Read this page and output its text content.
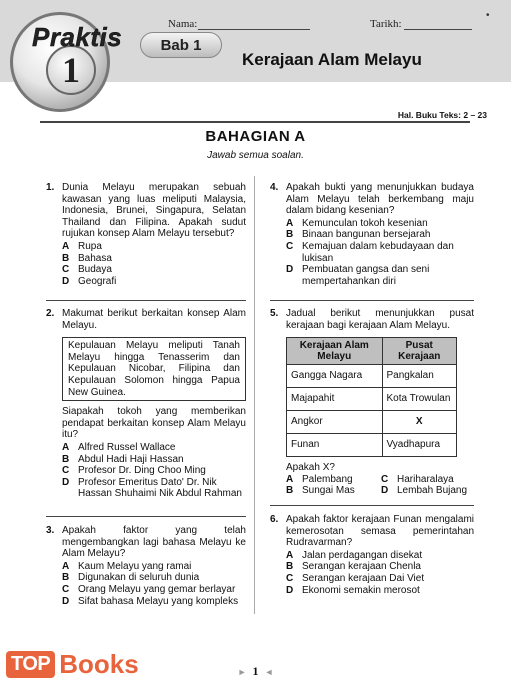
1
Praktis	Bab 1
Kerajaan Alam Melayu
Nama:	Tarikh:
•
Hal. Buku Teks: 2 – 23
BAHAGIAN A
Jawab semua soalan.
1. Dunia Melayu merupakan sebuah kawasan yang luas meliputi Malaysia, Indonesia, Brunei, Singapura, Selatan Thailand dan Filipina. Apakah sudut rujukan konsep Alam Melayu tersebut?
A Rupa
B Bahasa
C Budaya
D Geografi
2. Makumat berikut berkaitan konsep Alam Melayu.
Kepulauan Melayu meliputi Tanah Melayu hingga Tenasserim dan Kepulauan Nicobar, Filipina dan Kepulauan Solomon hingga Papua New Guinea.
Siapakah tokoh yang memberikan pendapat berkaitan konsep Alam Melayu itu?
A Alfred Russel Wallace
B Abdul Hadi Haji Hassan
C Profesor Dr. Ding Choo Ming
D Profesor Emeritus Dato' Dr. Nik Hassan Shuhaimi Nik Abdul Rahman
3. Apakah faktor yang telah mengembangkan lagi bahasa Melayu ke Alam Melayu?
A Kaum Melayu yang ramai
B Digunakan di seluruh dunia
C Orang Melayu yang gemar berlayar
D Sifat bahasa Melayu yang kompleks
4. Apakah bukti yang menunjukkan budaya Alam Melayu telah berkembang maju dalam bidang kesenian?
A Kemunculan tokoh kesenian
B Binaan bangunan bersejarah
C Kemajuan dalam kebudayaan dan lukisan
D Pembuatan gangsa dan seni mempertahankan diri
5. Jadual berikut menunjukkan pusat kerajaan bagi kerajaan Alam Melayu.
Kerajaan Alam Melayu	Pusat Kerajaan
Gangga Nagara	Pangkalan
Majapahit	Kota Trowulan
Angkor	X
Funan	Vyadhapura
Apakah X?
A Palembang	C Hariharalaya
B Sungai Mas	D Lembah Bujang
6. Apakah faktor kerajaan Funan mengalami kemerosotan semasa pemerintahan Rudravarman?
A Jalan perdagangan disekat
B Serangan kerajaan Chenla
C Serangan kerajaan Dai Viet
D Ekonomi semakin merosot
► 1 ◄
TOP Books
